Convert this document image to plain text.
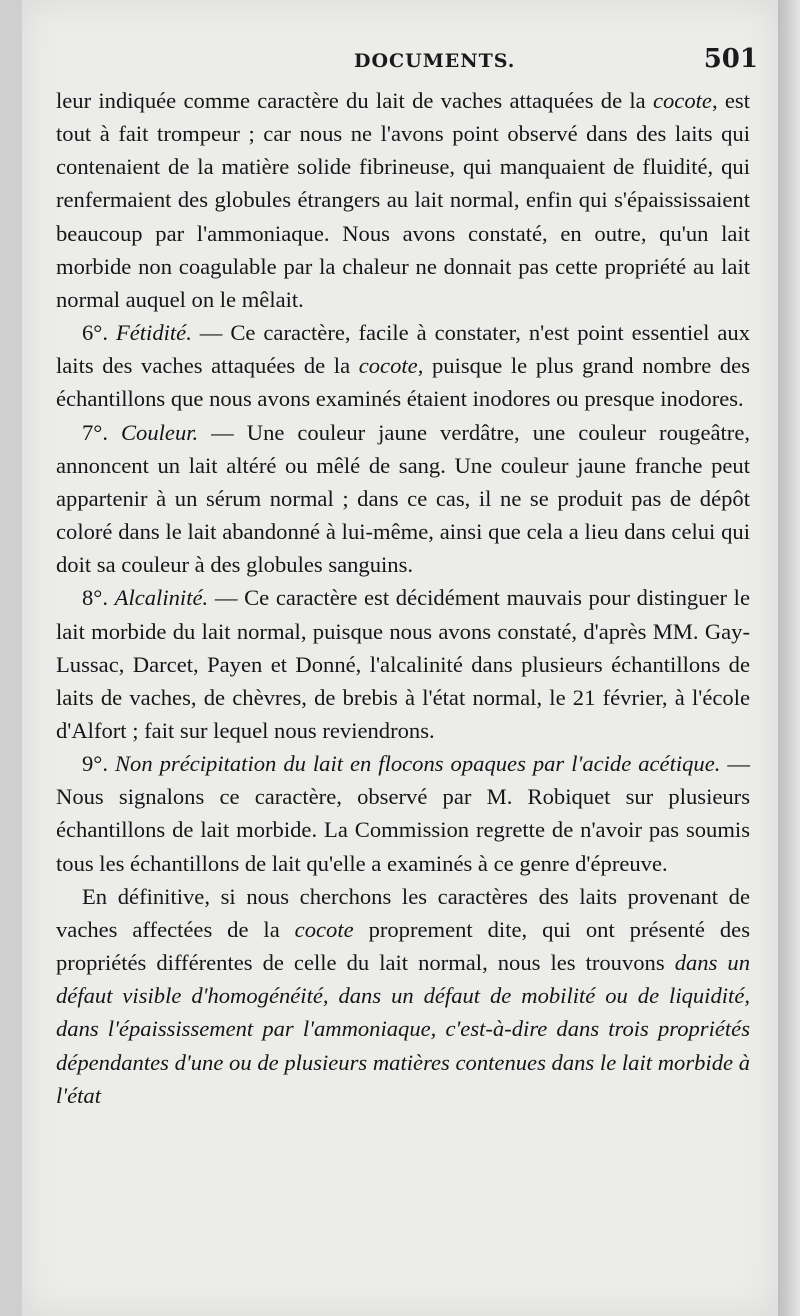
DOCUMENTS.	501

leur indiquée comme caractère du lait de vaches attaquées de la cocote, est tout à fait trompeur ; car nous ne l'avons point observé dans des laits qui contenaient de la matière solide fibrineuse, qui manquaient de fluidité, qui renfermaient des globules étrangers au lait normal, enfin qui s'épaississaient beaucoup par l'ammoniaque. Nous avons constaté, en outre, qu'un lait morbide non coagulable par la chaleur ne donnait pas cette propriété au lait normal auquel on le mêlait.

6°. Fétidité. — Ce caractère, facile à constater, n'est point essentiel aux laits des vaches attaquées de la cocote, puisque le plus grand nombre des échantillons que nous avons examinés étaient inodores ou presque inodores.

7°. Couleur. — Une couleur jaune verdâtre, une couleur rougeâtre, annoncent un lait altéré ou mêlé de sang. Une couleur jaune franche peut appartenir à un sérum normal ; dans ce cas, il ne se produit pas de dépôt coloré dans le lait abandonné à lui-même, ainsi que cela a lieu dans celui qui doit sa couleur à des globules sanguins.

8°. Alcalinité. — Ce caractère est décidément mauvais pour distinguer le lait morbide du lait normal, puisque nous avons constaté, d'après MM. Gay-Lussac, Darcet, Payen et Donné, l'alcalinité dans plusieurs échantillons de laits de vaches, de chèvres, de brebis à l'état normal, le 21 février, à l'école d'Alfort ; fait sur lequel nous reviendrons.

9°. Non précipitation du lait en flocons opaques par l'acide acétique. — Nous signalons ce caractère, observé par M. Robiquet sur plusieurs échantillons de lait morbide. La Commission regrette de n'avoir pas soumis tous les échantillons de lait qu'elle a examinés à ce genre d'épreuve.

En définitive, si nous cherchons les caractères des laits provenant de vaches affectées de la cocote proprement dite, qui ont présenté des propriétés différentes de celle du lait normal, nous les trouvons dans un défaut visible d'homogénéité, dans un défaut de mobilité ou de liquidité, dans l'épaississement par l'ammoniaque, c'est-à-dire dans trois propriétés dépendantes d'une ou de plusieurs matières contenues dans le lait morbide à l'état
